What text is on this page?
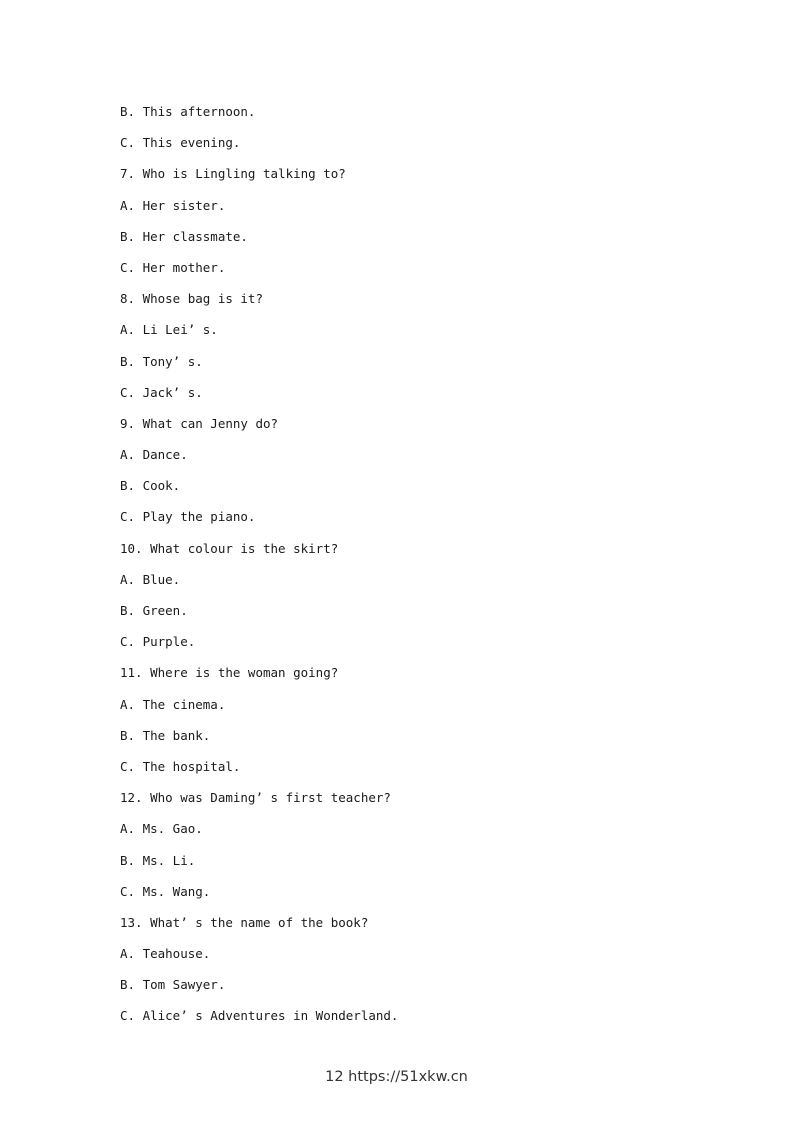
B. This afternoon.
C. This evening.
7. Who is Lingling talking to?
A. Her sister.
B. Her classmate.
C. Her mother.
8. Whose bag is it?
A. Li Lei’ s.
B. Tony’ s.
C. Jack’ s.
9. What can Jenny do?
A. Dance.
B. Cook.
C. Play the piano.
10. What colour is the skirt?
A. Blue.
B. Green.
C. Purple.
11. Where is the woman going?
A. The cinema.
B. The bank.
C. The hospital.
12. Who was Daming’ s first teacher?
A. Ms. Gao.
B. Ms. Li.
C. Ms. Wang.
13. What’ s the name of the book?
A. Teahouse.
B. Tom Sawyer.
C. Alice’ s Adventures in Wonderland.
12 https://51xkw.cn
